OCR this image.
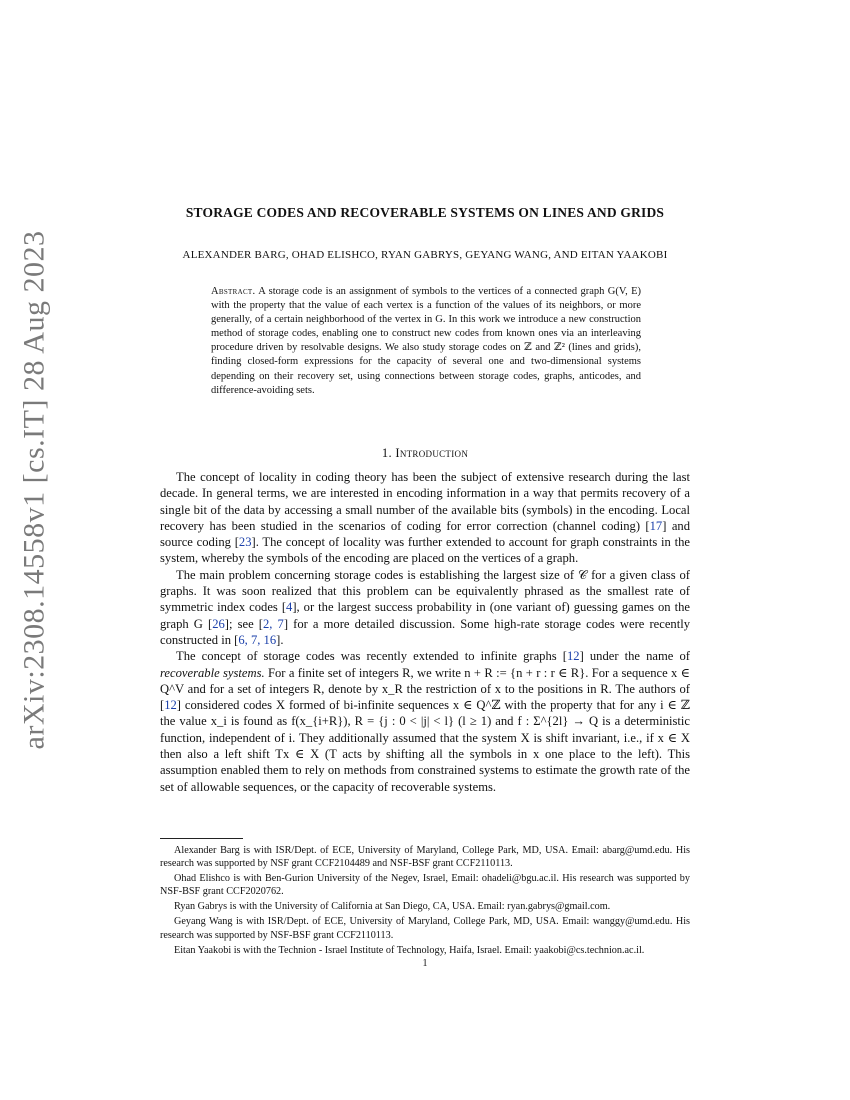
arXiv:2308.14558v1 [cs.IT] 28 Aug 2023
STORAGE CODES AND RECOVERABLE SYSTEMS ON LINES AND GRIDS
ALEXANDER BARG, OHAD ELISHCO, RYAN GABRYS, GEYANG WANG, AND EITAN YAAKOBI
Abstract. A storage code is an assignment of symbols to the vertices of a connected graph G(V, E) with the property that the value of each vertex is a function of the values of its neighbors, or more generally, of a certain neighborhood of the vertex in G. In this work we introduce a new construction method of storage codes, enabling one to construct new codes from known ones via an interleaving procedure driven by resolvable designs. We also study storage codes on ℤ and ℤ² (lines and grids), finding closed-form expressions for the capacity of several one and two-dimensional systems depending on their recovery set, using connections between storage codes, graphs, anticodes, and difference-avoiding sets.
1. Introduction

The concept of locality in coding theory has been the subject of extensive research during the last decade. In general terms, we are interested in encoding information in a way that permits recovery of a single bit of the data by accessing a small number of the available bits (symbols) in the encoding. Local recovery has been studied in the scenarios of coding for error correction (channel coding) [17] and source coding [23]. The concept of locality was further extended to account for graph constraints in the system, whereby the symbols of the encoding are placed on the vertices of a graph.

The main problem concerning storage codes is establishing the largest size of 𝒞 for a given class of graphs. It was soon realized that this problem can be equivalently phrased as the smallest rate of symmetric index codes [4], or the largest success probability in (one variant of) guessing games on the graph G [26]; see [2, 7] for a more detailed discussion. Some high-rate storage codes were recently constructed in [6, 7, 16].

The concept of storage codes was recently extended to infinite graphs [12] under the name of recoverable systems. For a finite set of integers R, we write n + R := {n + r : r ∈ R}. For a sequence x ∈ Q^V and for a set of integers R, denote by x_R the restriction of x to the positions in R. The authors of [12] considered codes X formed of bi-infinite sequences x ∈ Q^ℤ with the property that for any i ∈ ℤ the value x_i is found as f(x_{i+R}), R = {j : 0 < |j| < l} (l ≥ 1) and f : Σ^{2l} → Q is a deterministic function, independent of i. They additionally assumed that the system X is shift invariant, i.e., if x ∈ X then also a left shift Tx ∈ X (T acts by shifting all the symbols in x one place to the left). This assumption enabled them to rely on methods from constrained systems to estimate the growth rate of the set of allowable sequences, or the capacity of recoverable systems.

Alexander Barg is with ISR/Dept. of ECE, University of Maryland, College Park, MD, USA. Email: abarg@umd.edu. His research was supported by NSF grant CCF2104489 and NSF-BSF grant CCF2110113.

Ohad Elishco is with Ben-Gurion University of the Negev, Israel, Email: ohadeli@bgu.ac.il. His research was supported by NSF-BSF grant CCF2020762.

Ryan Gabrys is with the University of California at San Diego, CA, USA. Email: ryan.gabrys@gmail.com.

Geyang Wang is with ISR/Dept. of ECE, University of Maryland, College Park, MD, USA. Email: wanggy@umd.edu. His research was supported by NSF-BSF grant CCF2110113.

Eitan Yaakobi is with the Technion - Israel Institute of Technology, Haifa, Israel. Email: yaakobi@cs.technion.ac.il.

1
